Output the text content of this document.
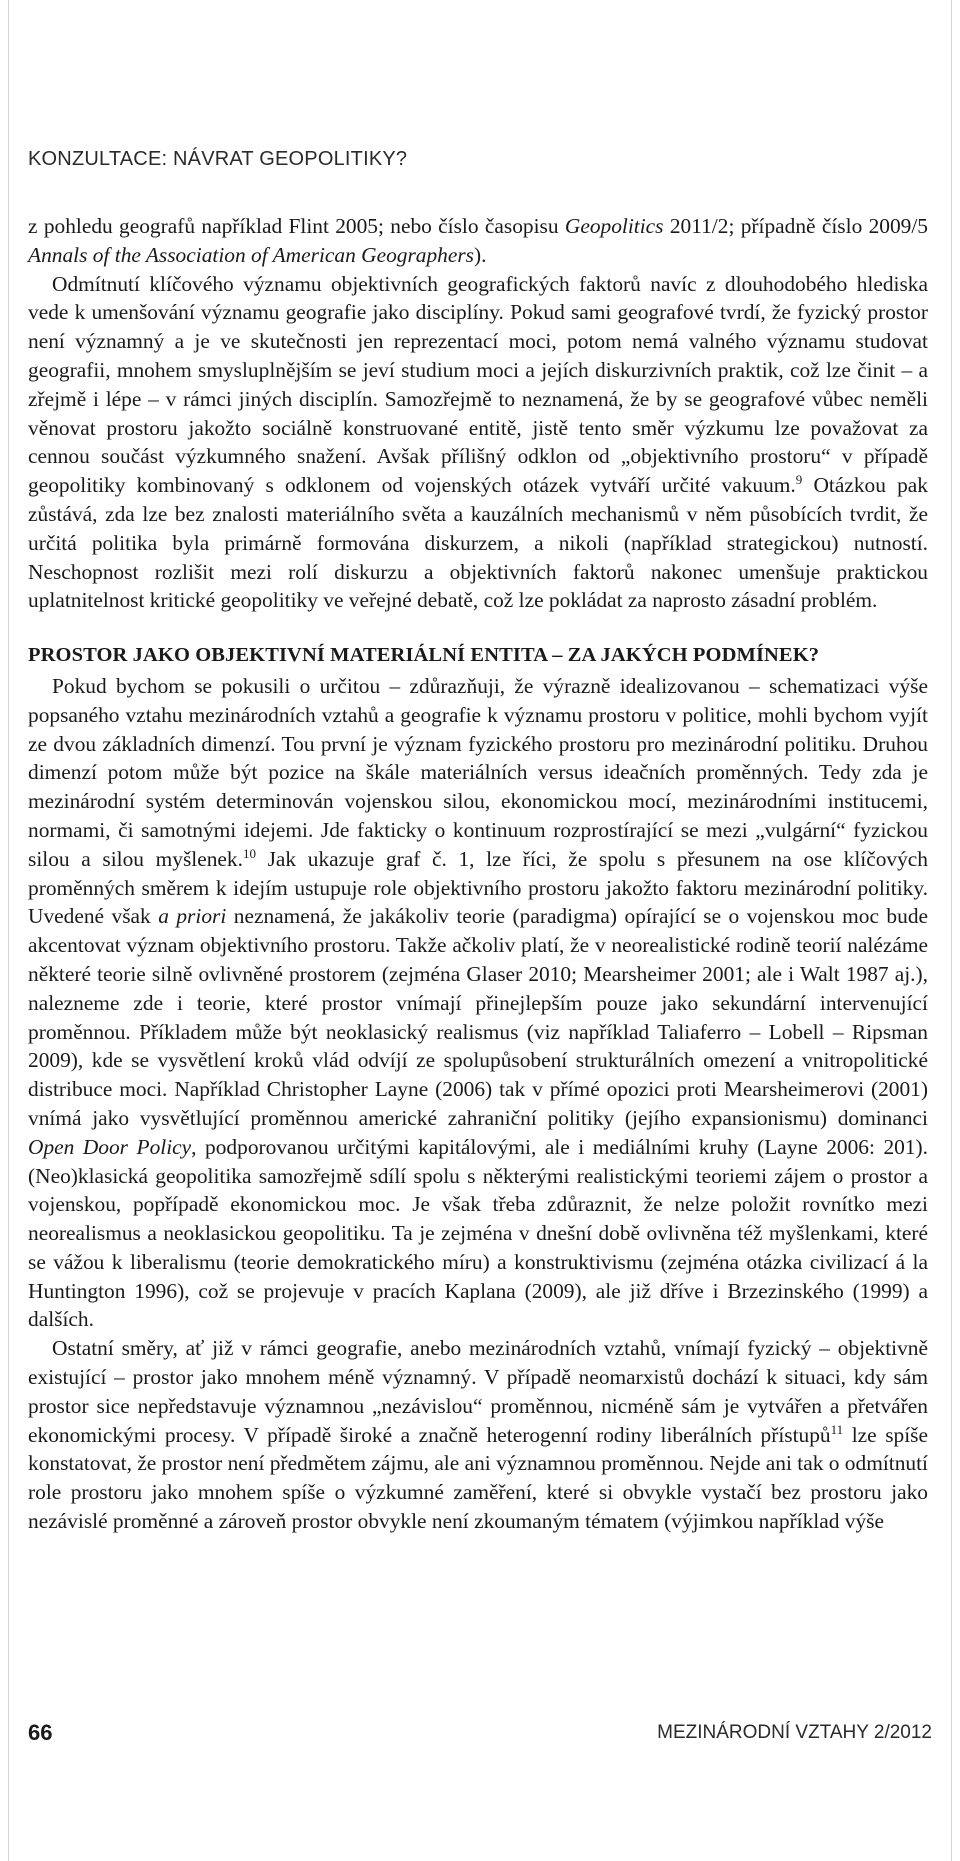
KONZULTACE: NÁVRAT GEOPOLITIKY?

z pohledu geografů například Flint 2005; nebo číslo časopisu Geopolitics 2011/2; případně číslo 2009/5 Annals of the Association of American Geographers).

Odmítnutí klíčového významu objektivních geografických faktorů navíc z dlouhodobého hlediska vede k umenšování významu geografie jako disciplíny. Pokud sami geografové tvrdí, že fyzický prostor není významný a je ve skutečnosti jen reprezentací moci, potom nemá valného významu studovat geografii, mnohem smysluplnějším se jeví studium moci a jejích diskurzivních praktik, což lze činit – a zřejmě i lépe – v rámci jiných disciplín. Samozřejmě to neznamená, že by se geografové vůbec neměli věnovat prostoru jakožto sociálně konstruované entitě, jistě tento směr výzkumu lze považovat za cennou součást výzkumného snažení. Avšak přílišný odklon od „objektivního prostoru“ v případě geopolitiky kombinovaný s odklonem od vojenských otázek vytváří určité vakuum.$^9$ Otázkou pak zůstává, zda lze bez znalosti materiálního světa a kauzálních mechanismů v něm působících tvrdit, že určitá politika byla primárně formována diskurzem, a nikoli (například strategickou) nutností. Neschopnost rozlišit mezi rolí diskurzu a objektivních faktorů nakonec umenšuje praktickou uplatnitelnost kritické geopolitiky ve veřejné debatě, což lze pokládat za naprosto zásadní problém.

PROSTOR JAKO OBJEKTIVNÍ MATERIÁLNÍ ENTITA – ZA JAKÝCH PODMÍNEK?

Pokud bychom se pokusili o určitou – zdůrazňuji, že výrazně idealizovanou – schematizaci výše popsaného vztahu mezinárodních vztahů a geografie k významu prostoru v politice, mohli bychom vyjít ze dvou základních dimenzí. Tou první je význam fyzického prostoru pro mezinárodní politiku. Druhou dimenzí potom může být pozice na škále materiálních versus ideačních proměnných. Tedy zda je mezinárodní systém determinován vojenskou silou, ekonomickou mocí, mezinárodními institucemi, normami, či samotnými idejemi. Jde fakticky o kontinuum rozprostírající se mezi „vulgární“ fyzickou silou a silou myšlenek.$^{10}$ Jak ukazuje graf č. 1, lze říci, že spolu s přesunem na ose klíčových proměnných směrem k idejím ustupuje role objektivního prostoru jakožto faktoru mezinárodní politiky. Uvedené však a priori neznamená, že jakákoliv teorie (paradigma) opírající se o vojenskou moc bude akcentovat význam objektivního prostoru. Takže ačkoliv platí, že v neorealistické rodině teorií nalézáme některé teorie silně ovlivněné prostorem (zejména Glaser 2010; Mearsheimer 2001; ale i Walt 1987 aj.), nalezneme zde i teorie, které prostor vnímají přinejlepším pouze jako sekundární intervenující proměnnou. Příkladem může být neoklasický realismus (viz například Taliaferro – Lobell – Ripsman 2009), kde se vysvětlení kroků vlád odvíjí ze spolupůsobení strukturálních omezení a vnitropolitické distribuce moci. Například Christopher Layne (2006) tak v přímé opozici proti Mearsheimerovi (2001) vnímá jako vysvětlující proměnnou americké zahraniční politiky (jejího expansionismu) dominanci Open Door Policy, podporovanou určitými kapitálovými, ale i mediálními kruhy (Layne 2006: 201). (Neo)klasická geopolitika samozřejmě sdílí spolu s některými realistickými teoriemi zájem o prostor a vojenskou, popřípadě ekonomickou moc. Je však třeba zdůraznit, že nelze položit rovnítko mezi neorealismus a neoklasickou geopolitiku. Ta je zejména v dnešní době ovlivněna též myšlenkami, které se vážou k liberalismu (teorie demokratického míru) a konstruktivismu (zejména otázka civilizací á la Huntington 1996), což se projevuje v pracích Kaplana (2009), ale již dříve i Brzezinského (1999) a dalších.

Ostatní směry, ať již v rámci geografie, anebo mezinárodních vztahů, vnímají fyzický – objektivně existující – prostor jako mnohem méně významný. V případě neomarxistů dochází k situaci, kdy sám prostor sice nepředstavuje významnou „nezávislou“ proměnnou, nicméně sám je vytvářen a přetvářen ekonomickými procesy. V případě široké a značně heterogenní rodiny liberálních přístupů$^{11}$ lze spíše konstatovat, že prostor není předmětem zájmu, ale ani významnou proměnnou. Nejde ani tak o odmítnutí role prostoru jako mnohem spíše o výzkumné zaměření, které si obvykle vystačí bez prostoru jako nezávislé proměnné a zároveň prostor obvykle není zkoumaným tématem (výjimkou například výše

66	MEZINÁRODNÍ VZTAHY 2/2012
